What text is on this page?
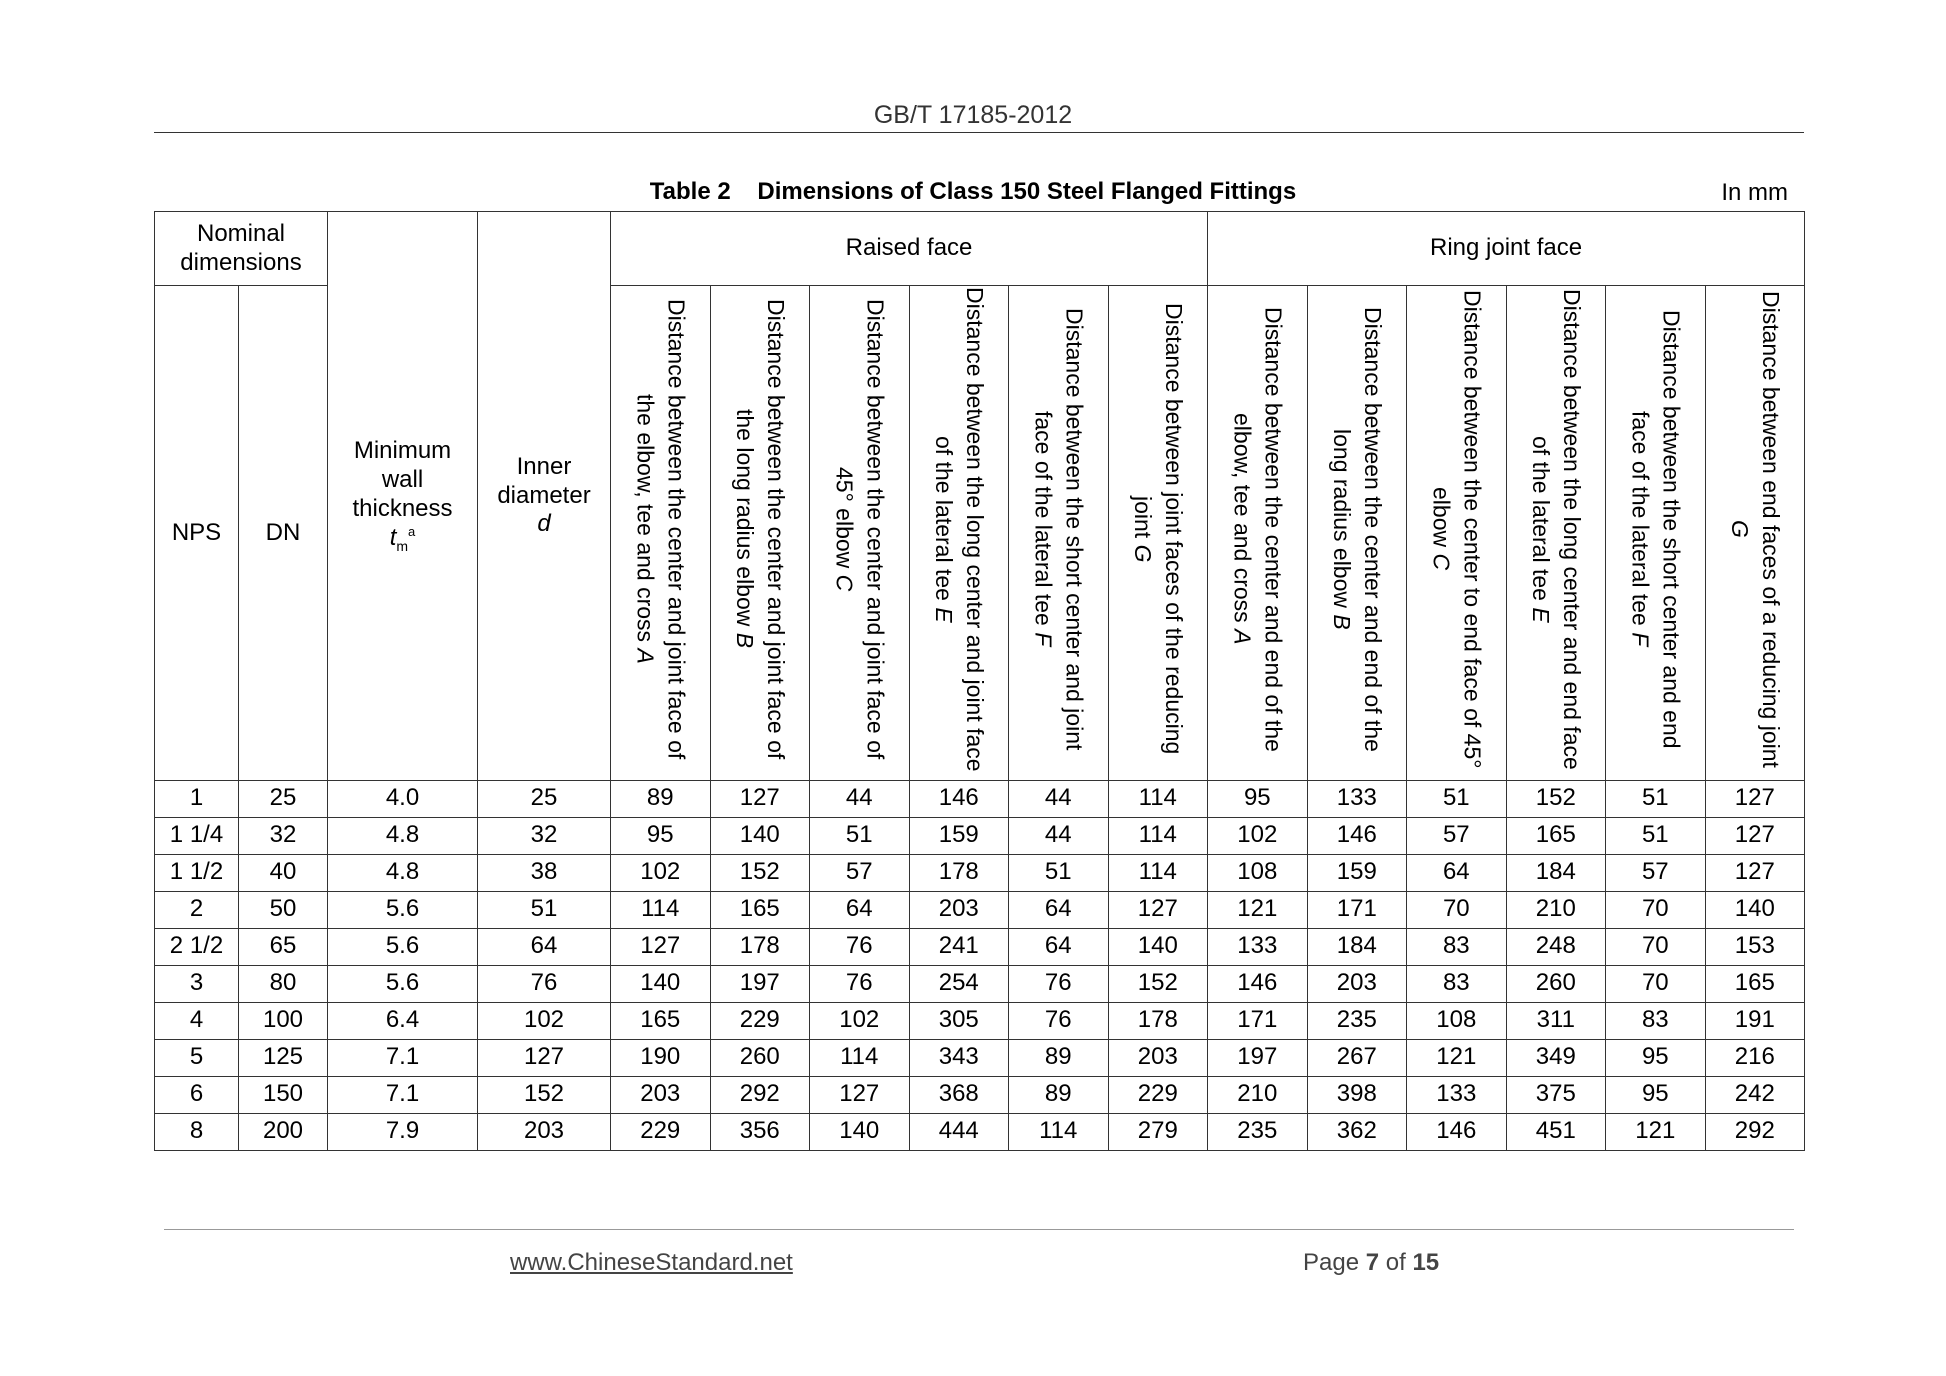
GB/T 17185-2012
Table 2    Dimensions of Class 150 Steel Flanged Fittings	In mm
Nominal dimensions		Minimum
wall
thickness
$t_m^a$	Inner
diameter
d	Raised face						Ring joint face					
NPS	DN			Distance between the center and joint face of the elbow, tee and cross A	Distance between the center and joint face of the long radius elbow B	Distance between the center and joint face of 45° elbow C	Distance between the long center and joint face of the lateral tee E	Distance between the short center and joint face of the lateral tee F	Distance between joint faces of the reducing joint G	Distance between the center and end of the elbow, tee and cross A	Distance between the center and end of the long radius elbow B	Distance between the center to end face of 45° elbow C	Distance between the long center and end face of the lateral tee E	Distance between the short center and end face of the lateral tee F	Distance between end faces of a reducing joint G
1	25	4.0	25	89	127	44	146	44	114	95	133	51	152	51	127
1 1/4	32	4.8	32	95	140	51	159	44	114	102	146	57	165	51	127
1 1/2	40	4.8	38	102	152	57	178	51	114	108	159	64	184	57	127
2	50	5.6	51	114	165	64	203	64	127	121	171	70	210	70	140
2 1/2	65	5.6	64	127	178	76	241	64	140	133	184	83	248	70	153
3	80	5.6	76	140	197	76	254	76	152	146	203	83	260	70	165
4	100	6.4	102	165	229	102	305	76	178	171	235	108	311	83	191
5	125	7.1	127	190	260	114	343	89	203	197	267	121	349	95	216
6	150	7.1	152	203	292	127	368	89	229	210	398	133	375	95	242
8	200	7.9	203	229	356	140	444	114	279	235	362	146	451	121	292
www.ChineseStandard.net	Page 7 of 15
